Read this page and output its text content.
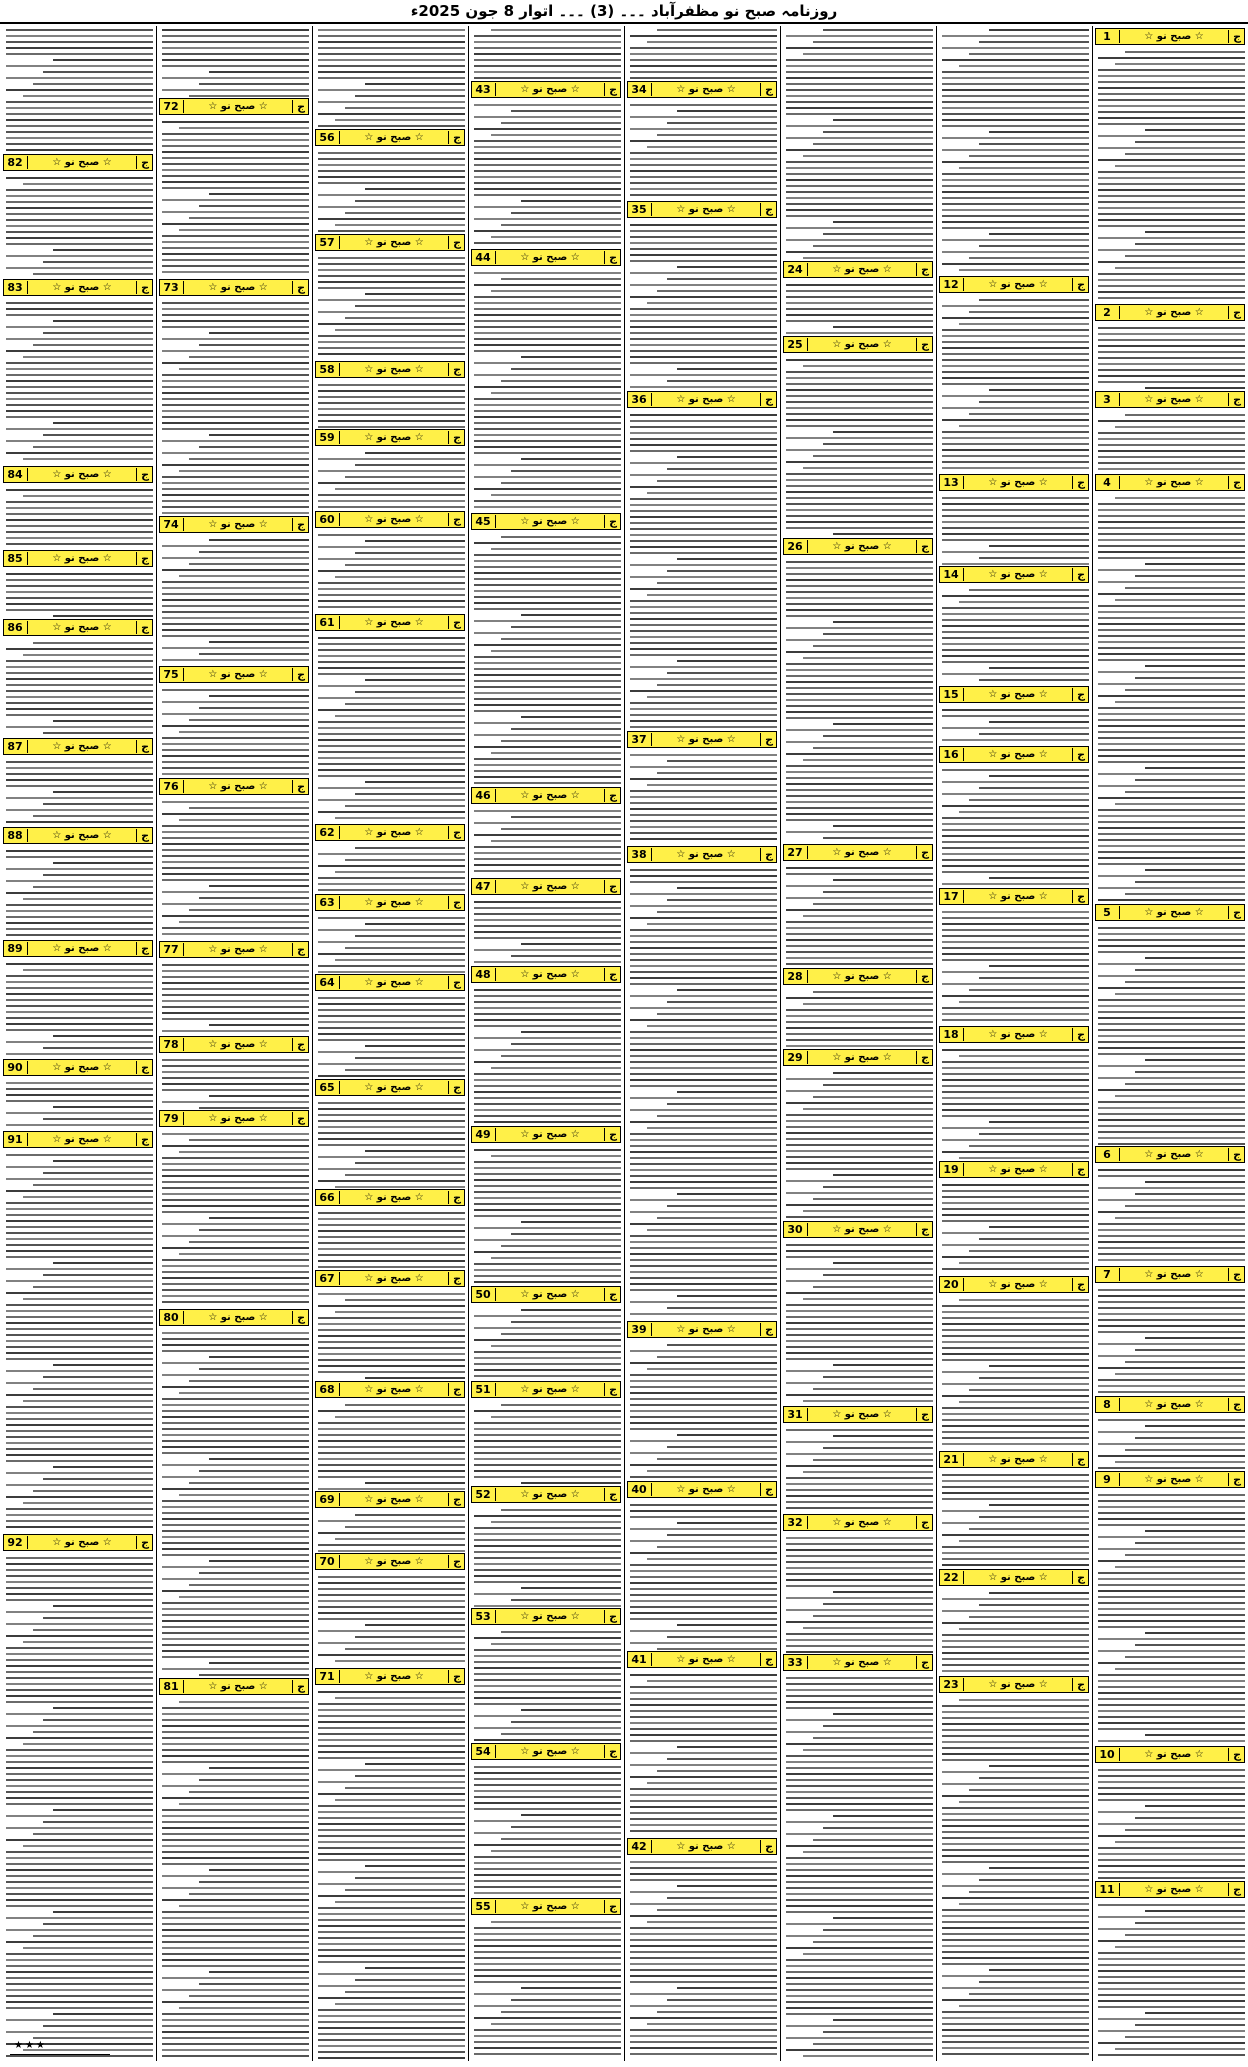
روزنامہ صبح نو مظفرآباد ۔۔۔ (3) ۔۔۔ اتوار 8 جون 2025ء
1	☆ صبح نو ☆	ج
2	☆ صبح نو ☆	ج
3	☆ صبح نو ☆	ج
4	☆ صبح نو ☆	ج
5	☆ صبح نو ☆	ج
6	☆ صبح نو ☆	ج
7	☆ صبح نو ☆	ج
8	☆ صبح نو ☆	ج
9	☆ صبح نو ☆	ج
10	☆ صبح نو ☆	ج
11	☆ صبح نو ☆	ج
12	☆ صبح نو ☆	ج
13	☆ صبح نو ☆	ج
14	☆ صبح نو ☆	ج
15	☆ صبح نو ☆	ج
16	☆ صبح نو ☆	ج
17	☆ صبح نو ☆	ج
18	☆ صبح نو ☆	ج
19	☆ صبح نو ☆	ج
20	☆ صبح نو ☆	ج
21	☆ صبح نو ☆	ج
22	☆ صبح نو ☆	ج
23	☆ صبح نو ☆	ج
24	☆ صبح نو ☆	ج
25	☆ صبح نو ☆	ج
26	☆ صبح نو ☆	ج
27	☆ صبح نو ☆	ج
28	☆ صبح نو ☆	ج
29	☆ صبح نو ☆	ج
30	☆ صبح نو ☆	ج
31	☆ صبح نو ☆	ج
32	☆ صبح نو ☆	ج
33	☆ صبح نو ☆	ج
34	☆ صبح نو ☆	ج
35	☆ صبح نو ☆	ج
36	☆ صبح نو ☆	ج
37	☆ صبح نو ☆	ج
38	☆ صبح نو ☆	ج
39	☆ صبح نو ☆	ج
40	☆ صبح نو ☆	ج
41	☆ صبح نو ☆	ج
42	☆ صبح نو ☆	ج
43	☆ صبح نو ☆	ج
44	☆ صبح نو ☆	ج
45	☆ صبح نو ☆	ج
46	☆ صبح نو ☆	ج
47	☆ صبح نو ☆	ج
48	☆ صبح نو ☆	ج
49	☆ صبح نو ☆	ج
50	☆ صبح نو ☆	ج
51	☆ صبح نو ☆	ج
52	☆ صبح نو ☆	ج
53	☆ صبح نو ☆	ج
54	☆ صبح نو ☆	ج
55	☆ صبح نو ☆	ج
56	☆ صبح نو ☆	ج
57	☆ صبح نو ☆	ج
58	☆ صبح نو ☆	ج
59	☆ صبح نو ☆	ج
60	☆ صبح نو ☆	ج
61	☆ صبح نو ☆	ج
62	☆ صبح نو ☆	ج
63	☆ صبح نو ☆	ج
64	☆ صبح نو ☆	ج
65	☆ صبح نو ☆	ج
66	☆ صبح نو ☆	ج
67	☆ صبح نو ☆	ج
68	☆ صبح نو ☆	ج
69	☆ صبح نو ☆	ج
70	☆ صبح نو ☆	ج
71	☆ صبح نو ☆	ج
72	☆ صبح نو ☆	ج
73	☆ صبح نو ☆	ج
74	☆ صبح نو ☆	ج
75	☆ صبح نو ☆	ج
76	☆ صبح نو ☆	ج
77	☆ صبح نو ☆	ج
78	☆ صبح نو ☆	ج
79	☆ صبح نو ☆	ج
80	☆ صبح نو ☆	ج
81	☆ صبح نو ☆	ج
82	☆ صبح نو ☆	ج
83	☆ صبح نو ☆	ج
84	☆ صبح نو ☆	ج
85	☆ صبح نو ☆	ج
86	☆ صبح نو ☆	ج
87	☆ صبح نو ☆	ج
88	☆ صبح نو ☆	ج
89	☆ صبح نو ☆	ج
90	☆ صبح نو ☆	ج
91	☆ صبح نو ☆	ج
92	☆ صبح نو ☆	ج
★★★
